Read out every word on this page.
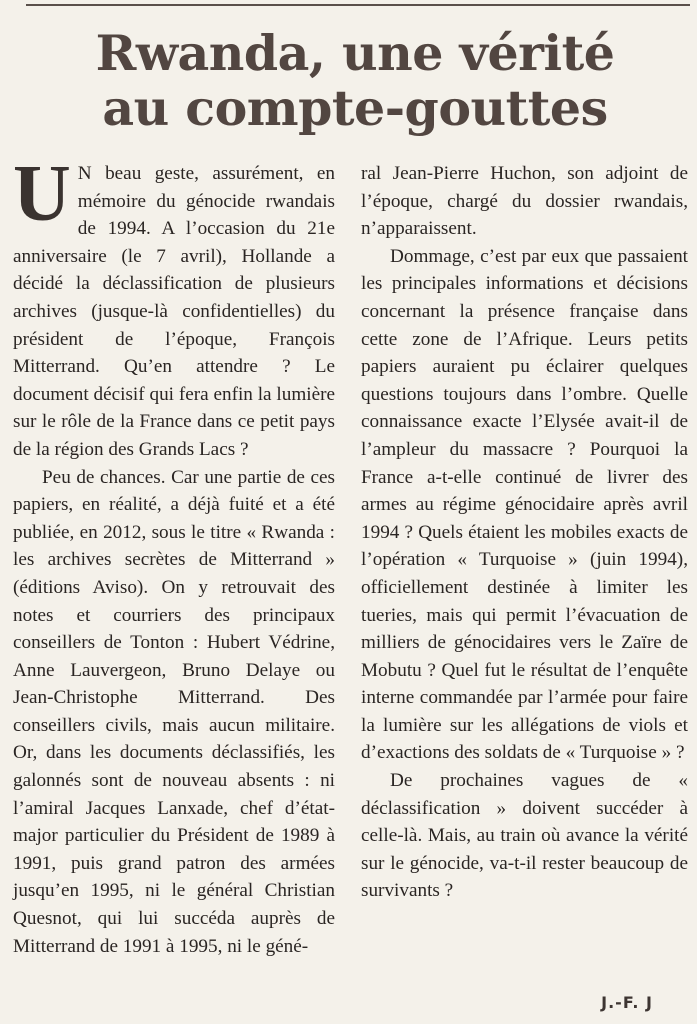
Rwanda, une vérité
au compte-gouttes

U N beau geste, assurément, en mémoire du génocide rwandais de 1994. A l’occasion du 21e anniversaire (le 7 avril), Hollande a décidé la déclassification de plusieurs archives (jusque-là confidentielles) du président de l’époque, François Mitterrand. Qu’en attendre ? Le document décisif qui fera enfin la lumière sur le rôle de la France dans ce petit pays de la région des Grands Lacs ?

Peu de chances. Car une partie de ces papiers, en réalité, a déjà fuité et a été publiée, en 2012, sous le titre « Rwanda : les archives secrètes de Mitterrand » (éditions Aviso). On y retrouvait des notes et courriers des principaux conseillers de Tonton : Hubert Védrine, Anne Lauvergeon, Bruno Delaye ou Jean-Christophe Mitterrand. Des conseillers civils, mais aucun militaire. Or, dans les documents déclassifiés, les galonnés sont de nouveau absents : ni l’amiral Jacques Lanxade, chef d’état-major particulier du Président de 1989 à 1991, puis grand patron des armées jusqu’en 1995, ni le général Christian Quesnot, qui lui succéda auprès de Mitterrand de 1991 à 1995, ni le géné-

ral Jean-Pierre Huchon, son adjoint de l’époque, chargé du dossier rwandais, n’apparaissent.

Dommage, c’est par eux que passaient les principales informations et décisions concernant la présence française dans cette zone de l’Afrique. Leurs petits papiers auraient pu éclairer quelques questions toujours dans l’ombre. Quelle connaissance exacte l’Elysée avait-il de l’ampleur du massacre ? Pourquoi la France a-t-elle continué de livrer des armes au régime génocidaire après avril 1994 ? Quels étaient les mobiles exacts de l’opération « Turquoise » (juin 1994), officiellement destinée à limiter les tueries, mais qui permit l’évacuation de milliers de génocidaires vers le Zaïre de Mobutu ? Quel fut le résultat de l’enquête interne commandée par l’armée pour faire la lumière sur les allégations de viols et d’exactions des soldats de « Turquoise » ?

De prochaines vagues de « déclassification » doivent succéder à celle-là. Mais, au train où avance la vérité sur le génocide, va-t-il rester beaucoup de survivants ?

J.-F. J
